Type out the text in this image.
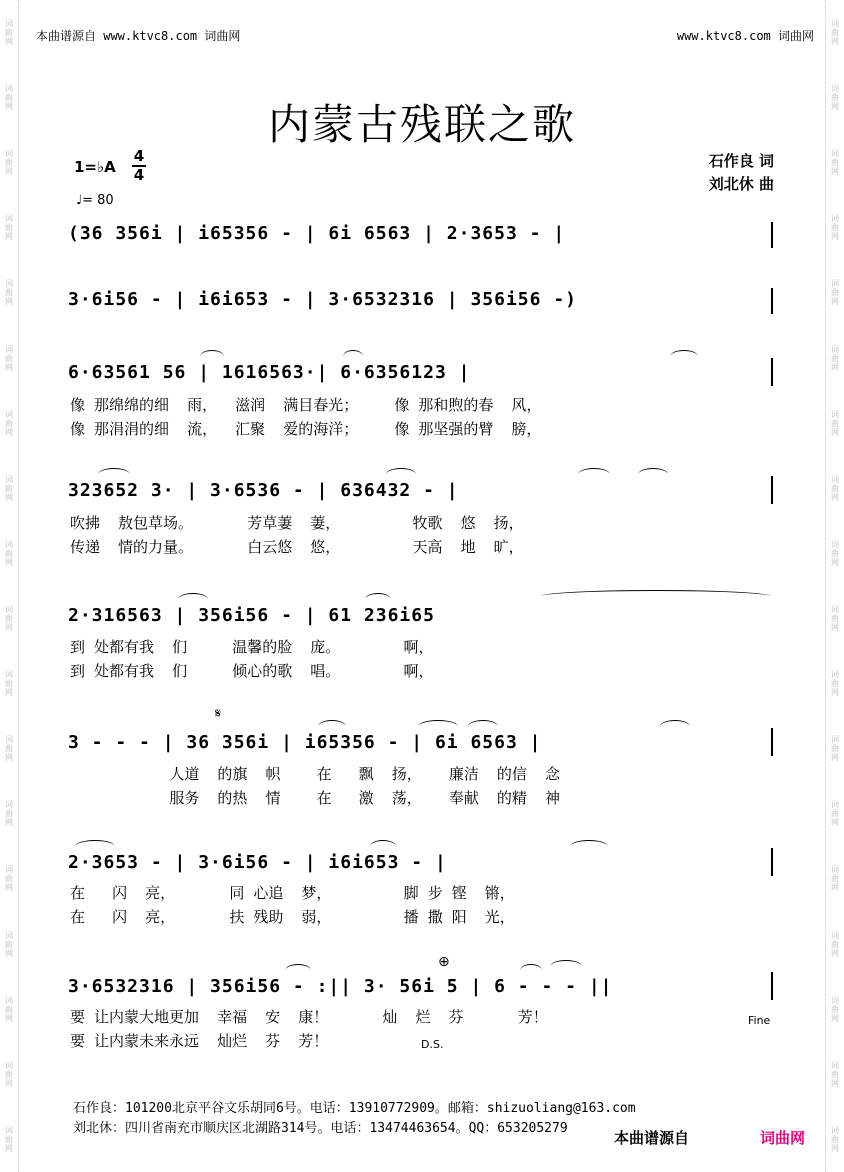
词曲网
词曲网
词曲网
词曲网
词曲网
词曲网
词曲网
词曲网
词曲网
词曲网
词曲网
词曲网
词曲网
词曲网
词曲网
词曲网
词曲网
词曲网
词曲网
词曲网
词曲网
词曲网
词曲网
词曲网
词曲网
词曲网
词曲网
词曲网
词曲网
词曲网
词曲网
词曲网
词曲网
词曲网
词曲网
词曲网
本曲谱源自 www.ktvc8.com 词曲网	www.ktvc8.com 词曲网
内蒙古残联之歌
1=♭A
4
4
♩= 80
石作良 词
刘北休 曲
(36 356i | i65356 - | 6i 6563 | 2·3653 - |
3·6i56 - | i6i653 - | 3·6532316 | 356i56 -)
6·63561 56 | 1616563·| 6·6356123 |
像 那绵绵的细  雨，  滋润  满目春光；    像 那和煦的春  风，
像 那涓涓的细  流，  汇聚  爱的海洋；    像 那坚强的臂  膀，
323652 3· | 3·6536 - | 636432 - |
吹拂  敖包草场。      芳草萋  萋，        牧歌  悠  扬，
传递  情的力量。      白云悠  悠，        天高  地  旷，
2·316563 | 356i56 - | 61 236i65
到 处都有我  们     温馨的脸  庞。       啊，
到 处都有我  们     倾心的歌  唱。       啊，
𝄋
3 - - - | 36 356i | i65356 - | 6i 6563 |
人道  的旗  帜    在   飘  扬，   廉洁  的信  念
服务  的热  情    在   激  荡，   奉献  的精  神
2·3653 - | 3·6i56 - | i6i653 - |
在   闪  亮，      同 心追  梦，        脚 步 铿  锵，
在   闪  亮，      扶 残助  弱，        播 撒 阳  光，
⊕
3·6532316 | 356i56 - :|| 3· 56i 5 | 6 - - - ||
要 让内蒙大地更加  幸福  安  康！      灿  烂  芬      芳！
要 让内蒙未来永远  灿烂  芬  芳！
Fine
D.S.
石作良：101200北京平谷文乐胡同6号。电话：13910772909。邮箱：shizuoliang@163.com
刘北休：四川省南充市顺庆区北湖路314号。电话：13474463654。QQ：653205279
本曲谱源自	词曲网
